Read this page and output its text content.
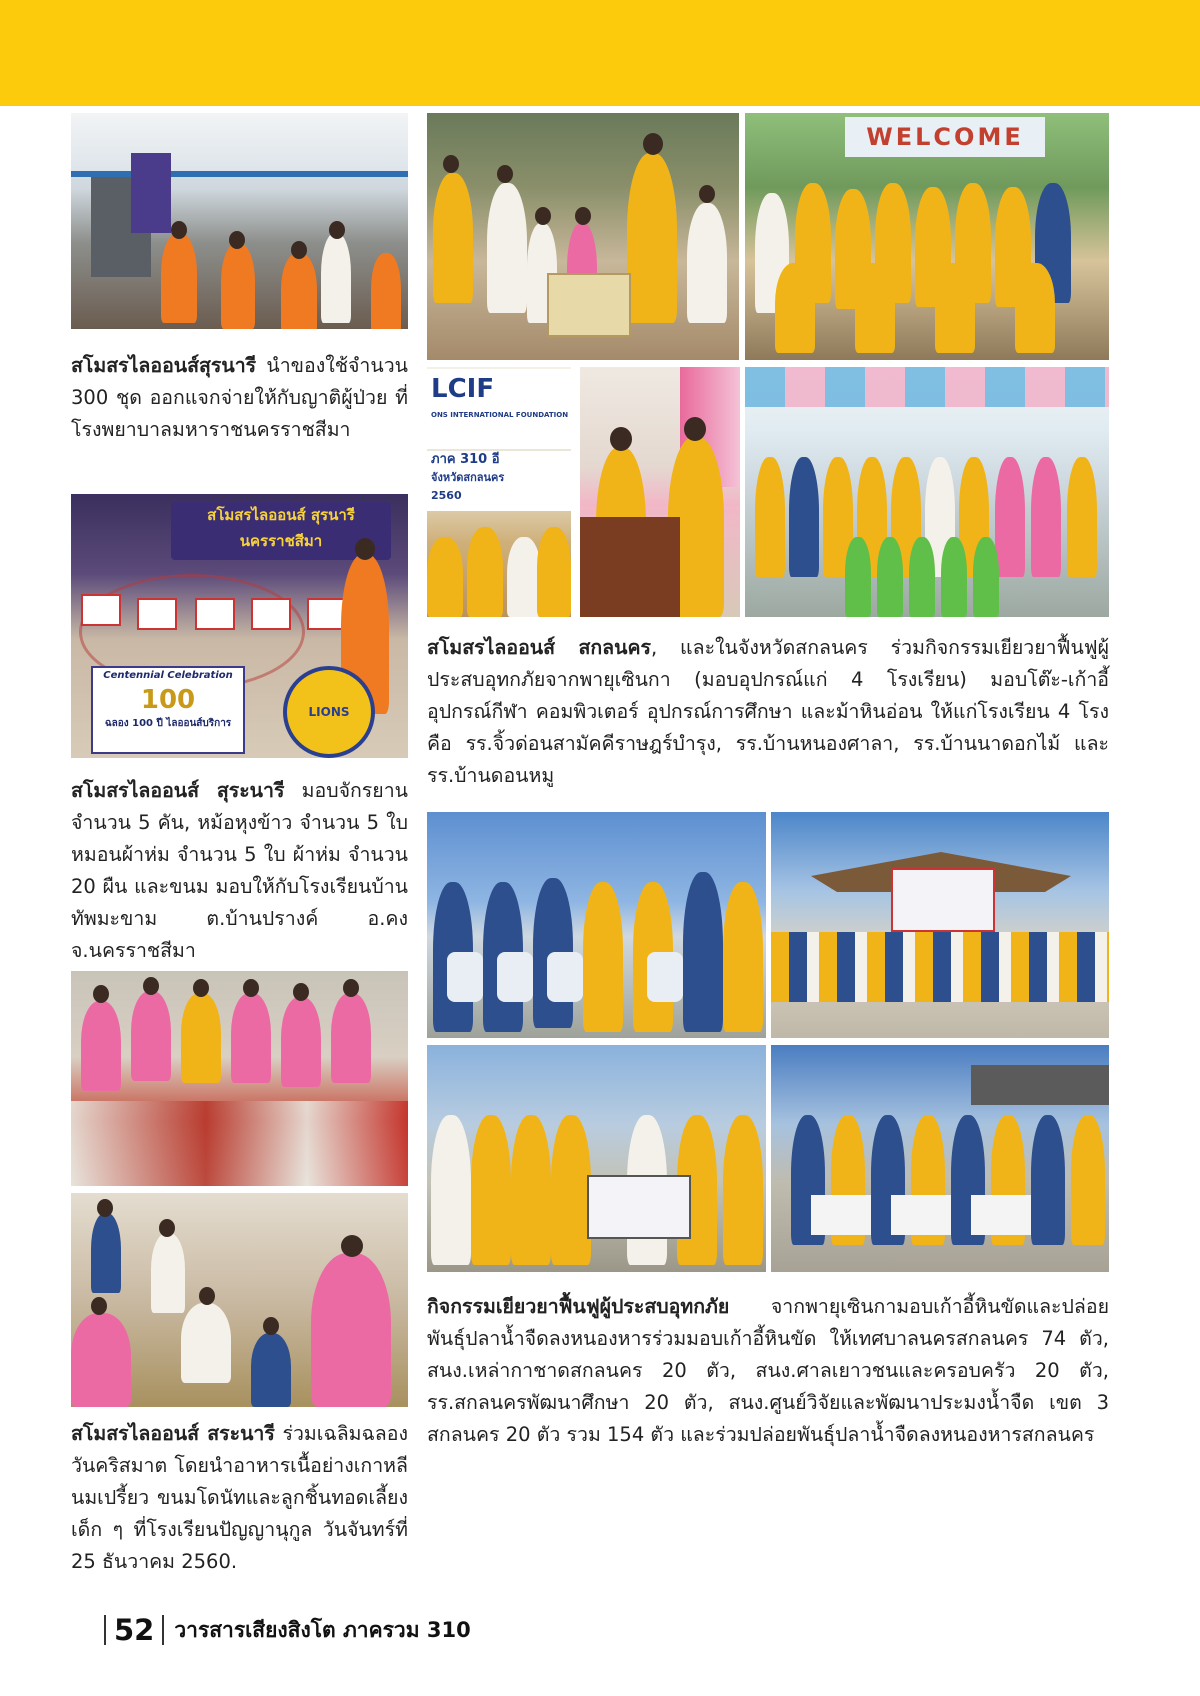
สโมสรไลออนส์สุรนารี นำของใช้จำนวน 300 ชุด ออกแจกจ่ายให้กับญาติผู้ป่วย ที่โรงพยาบาลมหาราชนครราชสีมา

สโมสรไลออนส์ สุรนารี
นครราชสีมา
Centennial Celebration
100
ฉลอง 100 ปี ไลออนส์บริการ
LIONS

สโมสรไลออนส์ สุระนารี มอบจักรยานจำนวน 5 คัน, หม้อหุงข้าว จำนวน 5 ใบ หมอนผ้าห่ม จำนวน 5 ใบ ผ้าห่ม จำนวน 20 ผืน และขนม มอบให้กับโรงเรียนบ้านทัพมะขาม ต.บ้านปรางค์ อ.คง จ.นครราชสีมา

สโมสรไลออนส์ สระนารี ร่วมเฉลิมฉลองวันคริสมาต โดยนำอาหารเนื้อย่างเกาหลีนมเปรี้ยว ขนมโดนัทและลูกชิ้นทอดเลี้ยงเด็ก ๆ ที่โรงเรียนปัญญานุกูล วันจันทร์ที่ 25 ธันวาคม 2560.

WELCOME
LCIF
ONS INTERNATIONAL FOUNDATION
ภาค 310 อี
จังหวัดสกลนคร
2560

สโมสรไลออนส์ สกลนคร, และในจังหวัดสกลนคร ร่วมกิจกรรมเยียวยาฟื้นฟูผู้ประสบอุทกภัยจากพายุเซินกา (มอบอุปกรณ์แก่ 4 โรงเรียน) มอบโต๊ะ-เก้าอี้ อุปกรณ์กีฬา คอมพิวเตอร์ อุปกรณ์การศึกษา และม้าหินอ่อน ให้แก่โรงเรียน 4 โรง คือ รร.จิ้วด่อนสามัคคีราษฎร์บำรุง, รร.บ้านหนองศาลา, รร.บ้านนาดอกไม้ และ รร.บ้านดอนหมู

กิจกรรมเยียวยาฟื้นฟูผู้ประสบอุทกภัย จากพายุเซินกามอบเก้าอี้หินขัดและปล่อยพันธุ์ปลาน้ำจืดลงหนองหารร่วมมอบเก้าอี้หินขัด ให้เทศบาลนครสกลนคร 74 ตัว, สนง.เหล่ากาชาดสกลนคร 20 ตัว, สนง.ศาลเยาวชนและครอบครัว 20 ตัว, รร.สกลนครพัฒนาศึกษา 20 ตัว, สนง.ศูนย์วิจัยและพัฒนาประมงน้ำจืด เขต 3 สกลนคร 20 ตัว รวม 154 ตัว และร่วมปล่อยพันธุ์ปลาน้ำจืดลงหนองหารสกลนคร

52 วารสารเสียงสิงโต ภาครวม 310
